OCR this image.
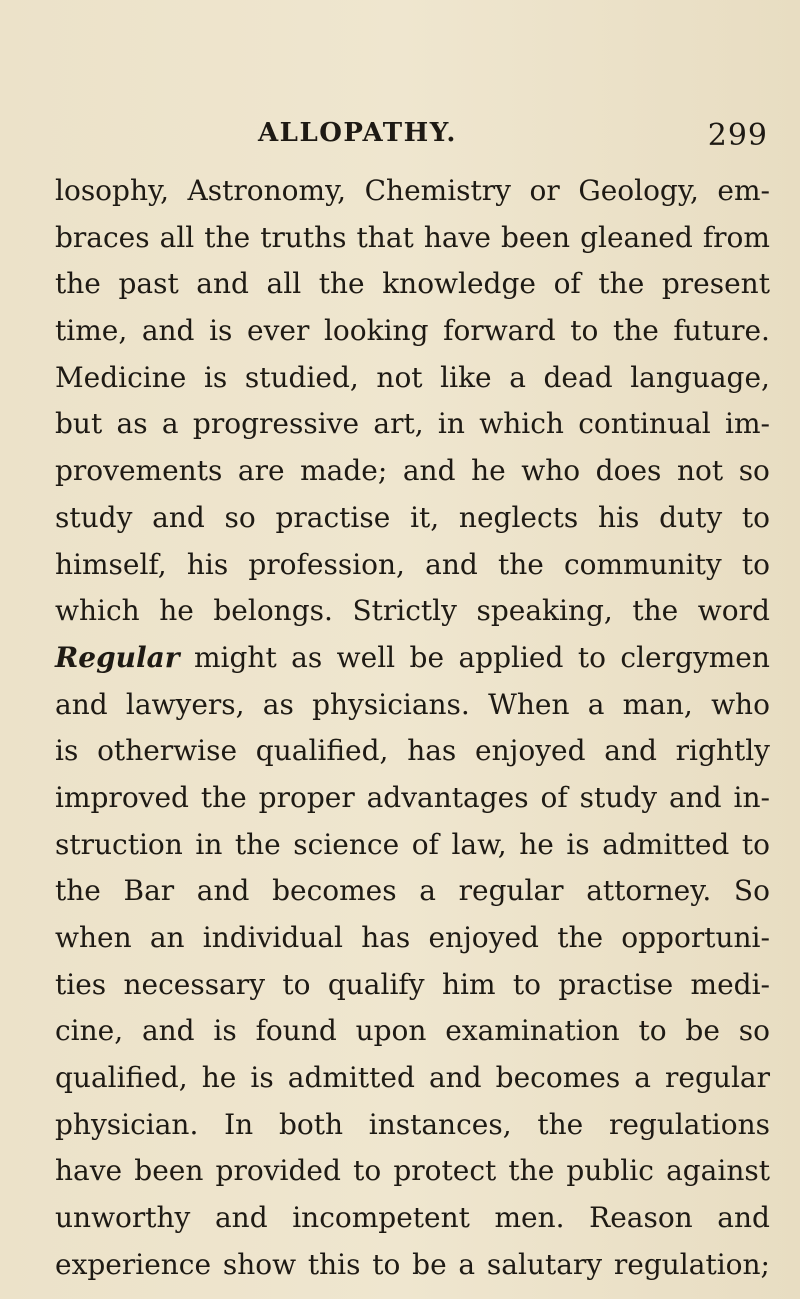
ALLOPATHY.	299
losophy, Astronomy, Chemistry or Geology, em-
braces all the truths that have been gleaned from
the past and all the knowledge of the present
time, and is ever looking forward to the future.
Medicine is studied, not like a dead language,
but as a progressive art, in which continual im-
provements are made; and he who does not so
study and so practise it, neglects his duty to
himself, his profession, and the community to
which he belongs. Strictly speaking, the word
Regular might as well be applied to clergymen
and lawyers, as physicians. When a man, who
is otherwise qualified, has enjoyed and rightly
improved the proper advantages of study and in-
struction in the science of law, he is admitted to
the Bar and becomes a regular attorney. So
when an individual has enjoyed the opportuni-
ties necessary to qualify him to practise medi-
cine, and is found upon examination to be so
qualified, he is admitted and becomes a regular
physician. In both instances, the regulations
have been provided to protect the public against
unworthy and incompetent men. Reason and
experience show this to be a salutary regulation;
